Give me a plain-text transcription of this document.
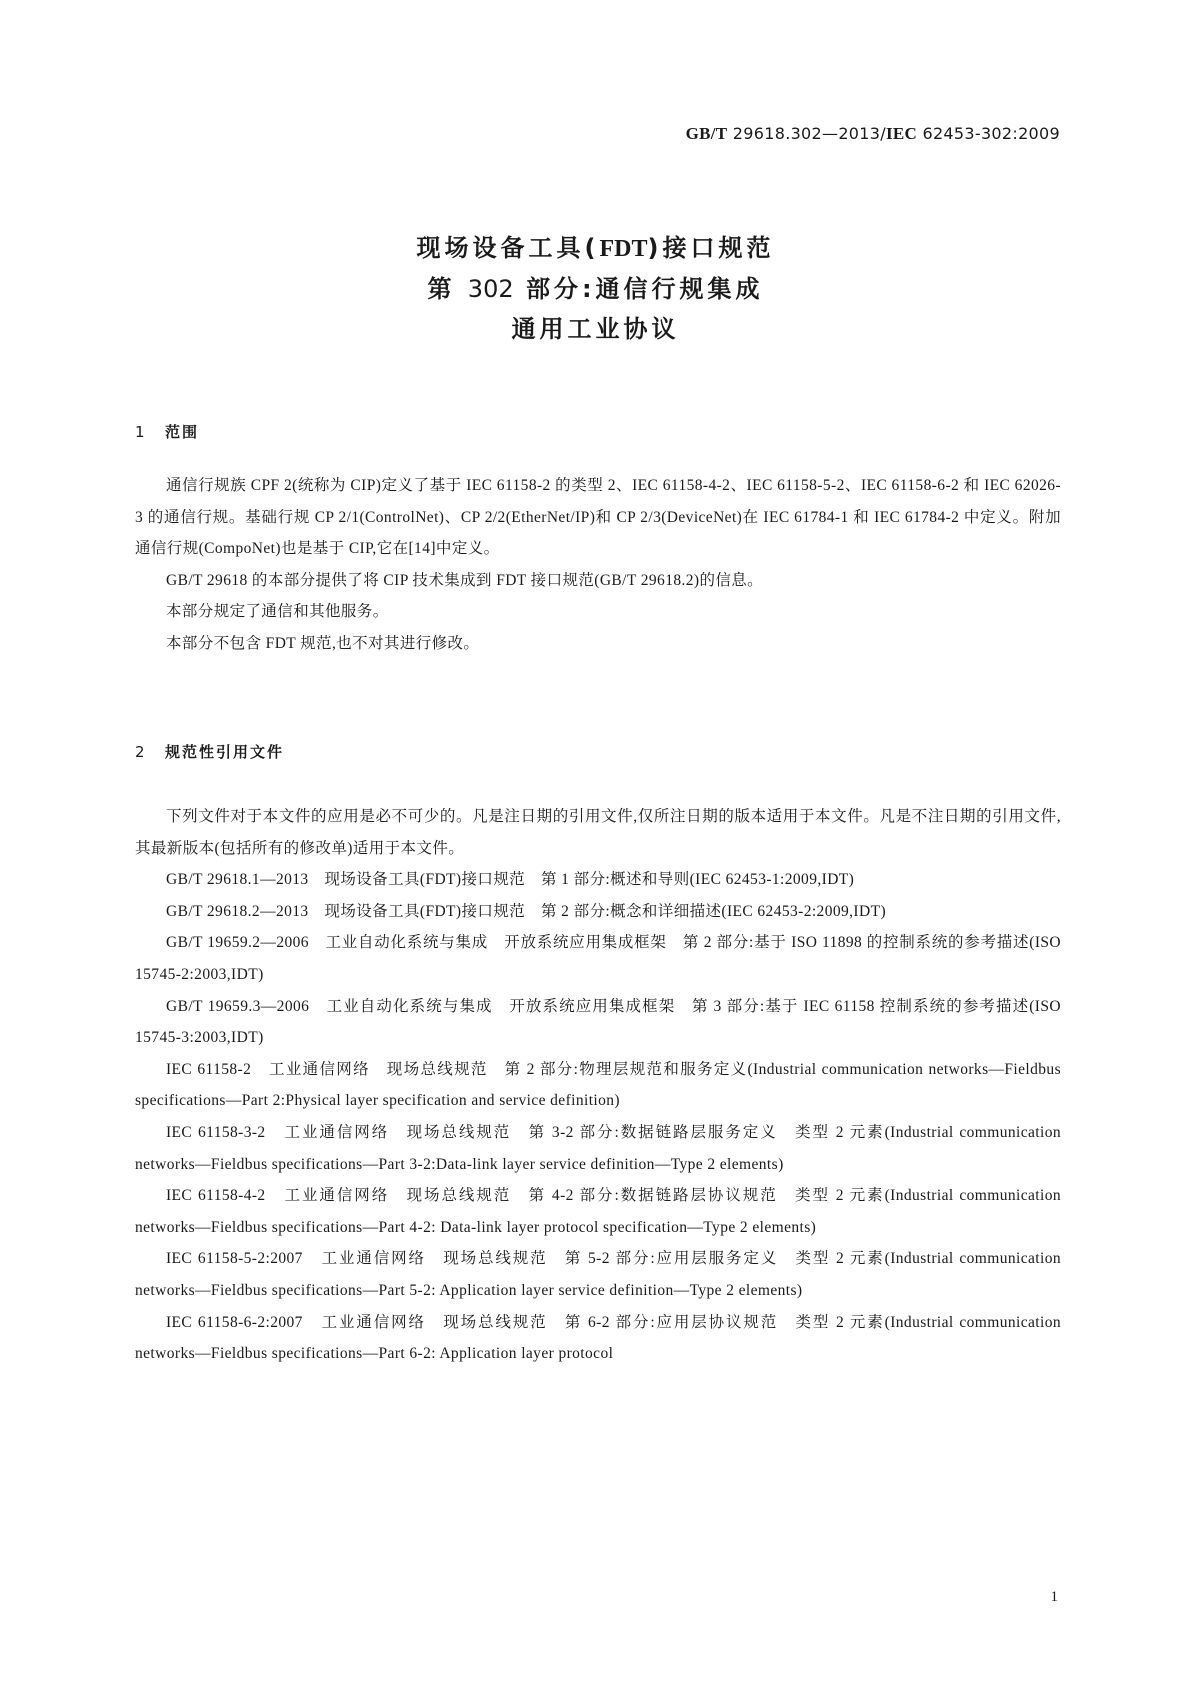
GB/T 29618.302—2013/IEC 62453-302:2009
现场设备工具(FDT)接口规范
第 302 部分:通信行规集成
通用工业协议
1 范围

通信行规族 CPF 2(统称为 CIP)定义了基于 IEC 61158-2 的类型 2、IEC 61158-4-2、IEC 61158-5-2、IEC 61158-6-2 和 IEC 62026-3 的通信行规。基础行规 CP 2/1(ControlNet)、CP 2/2(EtherNet/IP)和 CP 2/3(DeviceNet)在 IEC 61784-1 和 IEC 61784-2 中定义。附加通信行规(CompoNet)也是基于 CIP,它在[14]中定义。

GB/T 29618 的本部分提供了将 CIP 技术集成到 FDT 接口规范(GB/T 29618.2)的信息。

本部分规定了通信和其他服务。

本部分不包含 FDT 规范,也不对其进行修改。

2 规范性引用文件

下列文件对于本文件的应用是必不可少的。凡是注日期的引用文件,仅所注日期的版本适用于本文件。凡是不注日期的引用文件,其最新版本(包括所有的修改单)适用于本文件。

GB/T 29618.1—2013　现场设备工具(FDT)接口规范　第 1 部分:概述和导则(IEC 62453-1:2009,IDT)

GB/T 29618.2—2013　现场设备工具(FDT)接口规范　第 2 部分:概念和详细描述(IEC 62453-2:2009,IDT)

GB/T 19659.2—2006　工业自动化系统与集成　开放系统应用集成框架　第 2 部分:基于 ISO 11898 的控制系统的参考描述(ISO 15745-2:2003,IDT)

GB/T 19659.3—2006　工业自动化系统与集成　开放系统应用集成框架　第 3 部分:基于 IEC 61158 控制系统的参考描述(ISO 15745-3:2003,IDT)

IEC 61158-2　工业通信网络　现场总线规范　第 2 部分:物理层规范和服务定义(Industrial communication networks—Fieldbus specifications—Part 2:Physical layer specification and service definition)

IEC 61158-3-2　工业通信网络　现场总线规范　第 3-2 部分:数据链路层服务定义　类型 2 元素(Industrial communication networks—Fieldbus specifications—Part 3-2:Data-link layer service definition—Type 2 elements)

IEC 61158-4-2　工业通信网络　现场总线规范　第 4-2 部分:数据链路层协议规范　类型 2 元素(Industrial communication networks—Fieldbus specifications—Part 4-2: Data-link layer protocol specification—Type 2 elements)

IEC 61158-5-2:2007　工业通信网络　现场总线规范　第 5-2 部分:应用层服务定义　类型 2 元素(Industrial communication networks—Fieldbus specifications—Part 5-2: Application layer service definition—Type 2 elements)

IEC 61158-6-2:2007　工业通信网络　现场总线规范　第 6-2 部分:应用层协议规范　类型 2 元素(Industrial communication networks—Fieldbus specifications—Part 6-2: Application layer protocol

1
